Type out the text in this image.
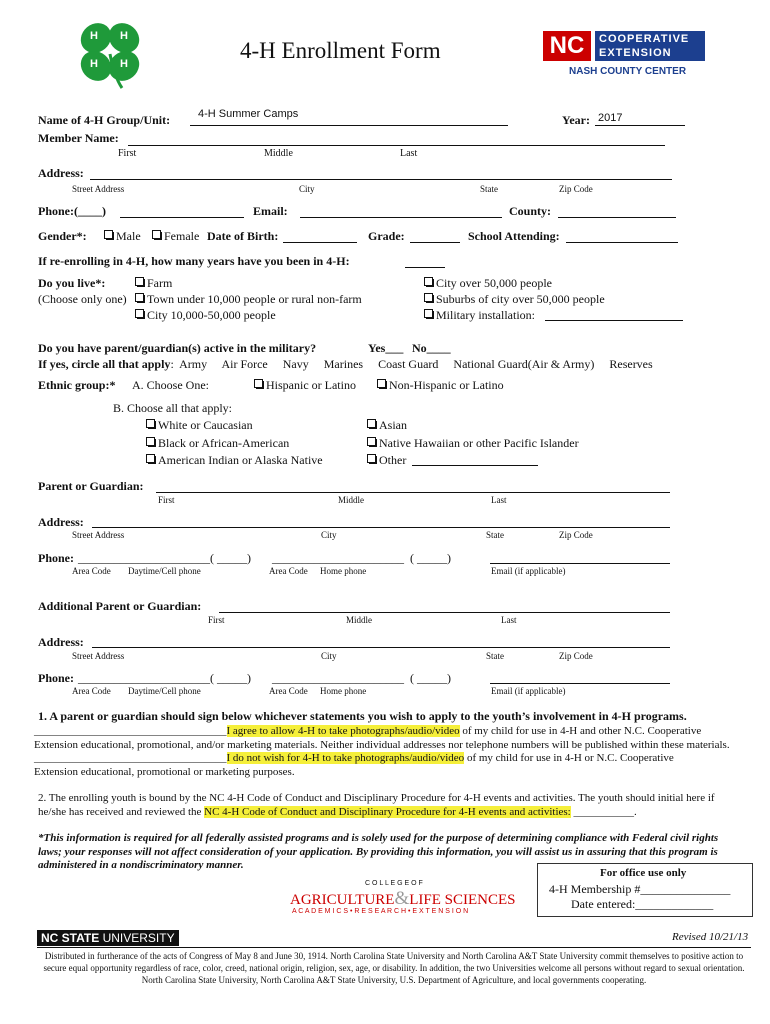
H H
H H
4-H Enrollment Form	NC	COOPERATIVE EXTENSION
NASH COUNTY CENTER
Name of 4-H Group/Unit:	4-H Summer Camps	Year: 2017
Member Name:
First	Middle	Last
Address:
Street Address	City	State	Zip Code
Phone:(____)	Email:	County:
Gender*:	Male	Female Date of Birth:	Grade:	School Attending:
If re-enrolling in 4-H, how many years have you been in 4-H:
Do you live*:
(Choose only one)
Farm
Town under 10,000 people or rural non-farm
City 10,000-50,000 people
City over 50,000 people
Suburbs of city over 50,000 people
Military installation:
Do you have parent/guardian(s) active in the military?	Yes___ No____
If yes, circle all that apply:  Army     Air Force     Navy     Marines     Coast Guard     National Guard(Air & Army)     Reserves
Ethnic group:* A. Choose One:	Hispanic or Latino	Non-Hispanic or Latino
B. Choose all that apply:
White or Caucasian
Black or African-American
American Indian or Alaska Native
Asian
Native Hawaiian or other Pacific Islander
Other
Parent or Guardian:
First	Middle	Last
Address:
Street Address	City	State	Zip Code
Phone: ______________________( _____) ______________________  ( _____)
Area Code Daytime/Cell phone	Area Code Home phone	Email (if applicable)
Additional Parent or Guardian:
First	Middle	Last
Address:
Street Address	City	State	Zip Code
Phone: ______________________( _____) ______________________  ( _____)
Area Code Daytime/Cell phone	Area Code Home phone	Email (if applicable)
1. A parent or guardian should sign below whichever statements you wish to apply to the youth’s involvement in 4-H programs.
___________________________________I agree to allow 4-H to take photographs/audio/video of my child for use in 4-H and other N.C. Cooperative
Extension educational, promotional, and/or marketing materials. Neither individual addresses nor telephone numbers will be published within these materials.
___________________________________I do not wish for 4-H to take photographs/audio/video of my child for use in 4-H or N.C. Cooperative
Extension educational, promotional or marketing purposes.
2. The enrolling youth is bound by the NC 4-H Code of Conduct and Disciplinary Procedure for 4-H events and activities. The youth should initial here if
he/she has received and reviewed the NC 4-H Code of Conduct and Disciplinary Procedure for 4-H events and activities: ___________.
*This information is required for all federally assisted programs and is solely used for the purpose of determining compliance with Federal civil rights
laws; your responses will not affect consideration of your application. By providing this information, you will assist us in assuring that this program is
administered in a nondiscriminatory manner.
For office use only
4-H Membership #_______________
Date entered:_____________
C O L L E G E O F
AGRICULTURE&LIFE SCIENCES
A C A D E M I C S • R E S E A R C H • E X T E N S I O N
NC STATE UNIVERSITY	Revised 10/21/13
Distributed in furtherance of the acts of Congress of May 8 and June 30, 1914. North Carolina State University and North Carolina A&T State University commit themselves to positive action to secure equal opportunity regardless of race, color, creed, national origin, religion, sex, age, or disability. In addition, the two Universities welcome all persons without regard to sexual orientation. North Carolina State University, North Carolina A&T State University, U.S. Department of Agriculture, and local governments cooperating.
